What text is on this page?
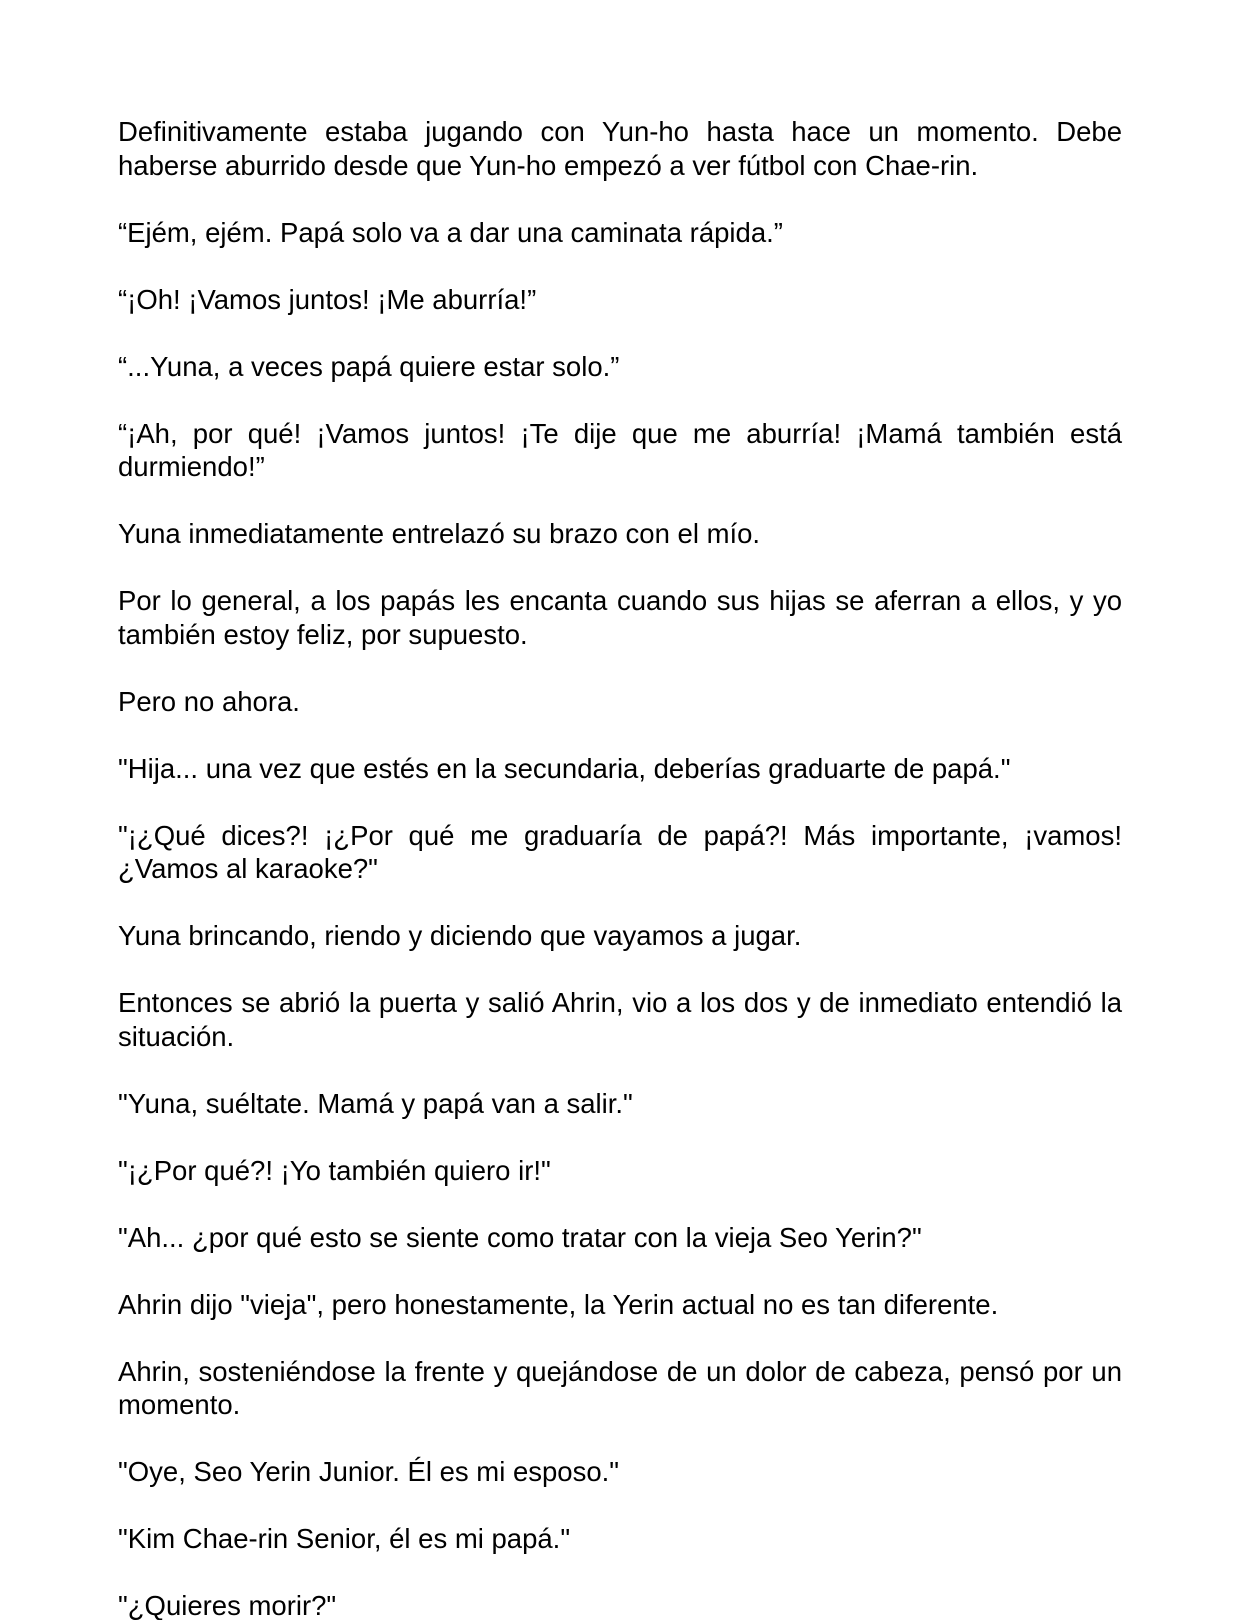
Definitivamente estaba jugando con Yun-ho hasta hace un momento. Debe haberse aburrido desde que Yun-ho empezó a ver fútbol con Chae-rin.

“Ejém, ejém. Papá solo va a dar una caminata rápida.”

“¡Oh! ¡Vamos juntos! ¡Me aburría!”

“...Yuna, a veces papá quiere estar solo.”

“¡Ah, por qué! ¡Vamos juntos! ¡Te dije que me aburría! ¡Mamá también está durmiendo!”

Yuna inmediatamente entrelazó su brazo con el mío.

Por lo general, a los papás les encanta cuando sus hijas se aferran a ellos, y yo también estoy feliz, por supuesto.

Pero no ahora.

"Hija... una vez que estés en la secundaria, deberías graduarte de papá."

"¡¿Qué dices?! ¡¿Por qué me graduaría de papá?! Más importante, ¡vamos! ¿Vamos al karaoke?"

Yuna brincando, riendo y diciendo que vayamos a jugar.

Entonces se abrió la puerta y salió Ahrin, vio a los dos y de inmediato entendió la situación.

"Yuna, suéltate. Mamá y papá van a salir."

"¡¿Por qué?! ¡Yo también quiero ir!"

"Ah... ¿por qué esto se siente como tratar con la vieja Seo Yerin?"

Ahrin dijo "vieja", pero honestamente, la Yerin actual no es tan diferente.

Ahrin, sosteniéndose la frente y quejándose de un dolor de cabeza, pensó por un momento.

"Oye, Seo Yerin Junior. Él es mi esposo."

"Kim Chae-rin Senior, él es mi papá."

"¿Quieres morir?"
